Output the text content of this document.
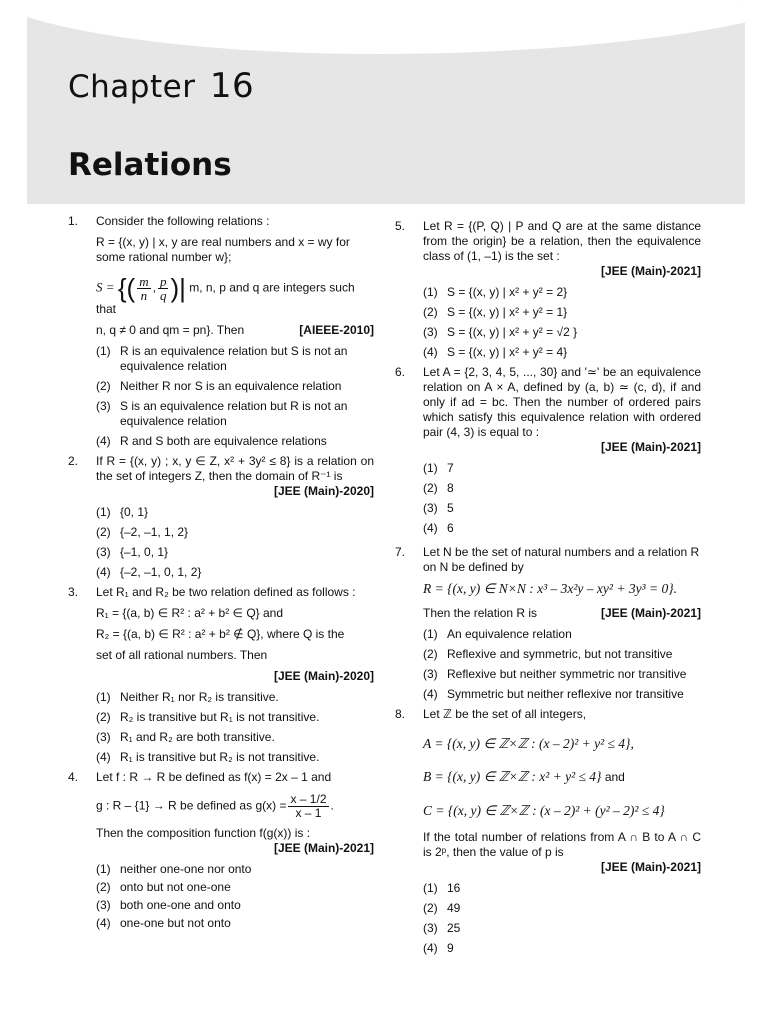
Chapter 16
Relations
1. Consider the following relations :
R = {(x, y) | x, y are real numbers and x = wy for some rational number w};
S = {( $\frac{m}{n}$ , $\frac{p}{q}$ )| m, n, p and q are integers such that
n, q ≠ 0 and qm = pn}. Then	[AIEEE-2010]
(1) R is an equivalence relation but S is not an equivalence relation
(2) Neither R nor S is an equivalence relation
(3) S is an equivalence relation but R is not an equivalence relation
(4) R and S both are equivalence relations
2. If R = {(x, y) ; x, y ∈ Z, x² + 3y² ≤ 8} is a relation on the set of integers Z, then the domain of R⁻¹ is
[JEE (Main)-2020]
(1) {0, 1}
(2) {–2, –1, 1, 2}
(3) {–1, 0, 1}
(4) {–2, –1, 0, 1, 2}
3. Let R₁ and R₂ be two relation defined as follows :
R₁ = {(a, b) ∈ R² : a² + b² ∈ Q} and
R₂ = {(a, b) ∈ R² : a² + b² ∉ Q}, where Q is the
set of all rational numbers. Then
[JEE (Main)-2020]
(1) Neither R₁ nor R₂ is transitive.
(2) R₂ is transitive but R₁ is not transitive.
(3) R₁ and R₂ are both transitive.
(4) R₁ is transitive but R₂ is not transitive.
4. Let f : R → R be defined as f(x) = 2x – 1 and
g : R – {1} → R be defined as $g(x) = \frac{x - 1/2}{x - 1}$ .
Then the composition function f(g(x)) is :
[JEE (Main)-2021]
(1) neither one-one nor onto
(2) onto but not one-one
(3) both one-one and onto
(4) one-one but not onto
5. Let R = {(P, Q) | P and Q are at the same distance from the origin} be a relation, then the equivalence class of (1, –1) is the set :
[JEE (Main)-2021]
(1) S = {(x, y) | x² + y² = 2}
(2) S = {(x, y) | x² + y² = 1}
(3) S = {(x, y) | x² + y² = √2 }
(4) S = {(x, y) | x² + y² = 4}
6. Let A = {2, 3, 4, 5, ..., 30} and '≃' be an equivalence relation on A × A, defined by (a, b) ≃ (c, d), if and only if ad = bc. Then the number of ordered pairs which satisfy this equivalence relation with ordered pair (4, 3) is equal to :
[JEE (Main)-2021]
(1) 7
(2) 8
(3) 5
(4) 6
7. Let N be the set of natural numbers and a relation R on N be defined by
R = {(x, y) ∈ N×N : x³ – 3x²y – xy² + 3y³ = 0}.
Then the relation R is	[JEE (Main)-2021]
(1) An equivalence relation
(2) Reflexive and symmetric, but not transitive
(3) Reflexive but neither symmetric nor transitive
(4) Symmetric but neither reflexive nor transitive
8. Let ℤ be the set of all integers,
A = {(x, y) ∈ ℤ×ℤ : (x – 2)² + y² ≤ 4},
B = {(x, y) ∈ ℤ×ℤ : x² + y² ≤ 4} and
C = {(x, y) ∈ ℤ×ℤ : (x – 2)² + (y² – 2)² ≤ 4}
If the total number of relations from A ∩ B to A ∩ C is 2ᵖ, then the value of p is
[JEE (Main)-2021]
(1) 16
(2) 49
(3) 25
(4) 9
